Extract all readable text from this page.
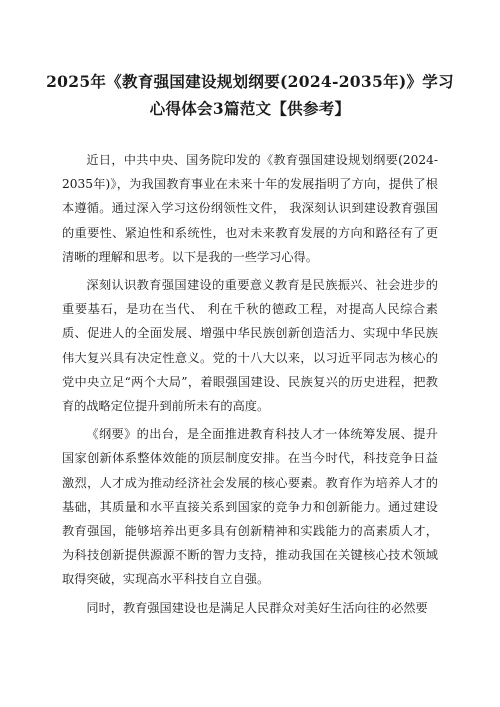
2025年《教育强国建设规划纲要(2024-2035年)》学习心得体会3篇范文【供参考】

近日，中共中央、国务院印发的《教育强国建设规划纲要(2024-2035年)》，为我国教育事业在未来十年的发展指明了方向，提供了根本遵循。通过深入学习这份纲领性文件， 我深刻认识到建设教育强国的重要性、紧迫性和系统性，也对未来教育发展的方向和路径有了更清晰的理解和思考。以下是我的一些学习心得。

深刻认识教育强国建设的重要意义教育是民族振兴、社会进步的重要基石，是功在当代、 利在千秋的德政工程，对提高人民综合素质、促进人的全面发展、增强中华民族创新创造活力、实现中华民族伟大复兴具有决定性意义。党的十八大以来，以习近平同志为核心的党中央立足“两个大局”，着眼强国建设、民族复兴的历史进程，把教育的战略定位提升到前所未有的高度。

《纲要》的出台，是全面推进教育科技人才一体统筹发展、提升国家创新体系整体效能的顶层制度安排。在当今时代，科技竞争日益激烈，人才成为推动经济社会发展的核心要素。教育作为培养人才的基础，其质量和水平直接关系到国家的竞争力和创新能力。通过建设教育强国，能够培养出更多具有创新精神和实践能力的高素质人才，为科技创新提供源源不断的智力支持，推动我国在关键核心技术领域取得突破，实现高水平科技自立自强。

同时，教育强国建设也是满足人民群众对美好生活向往的必然要
